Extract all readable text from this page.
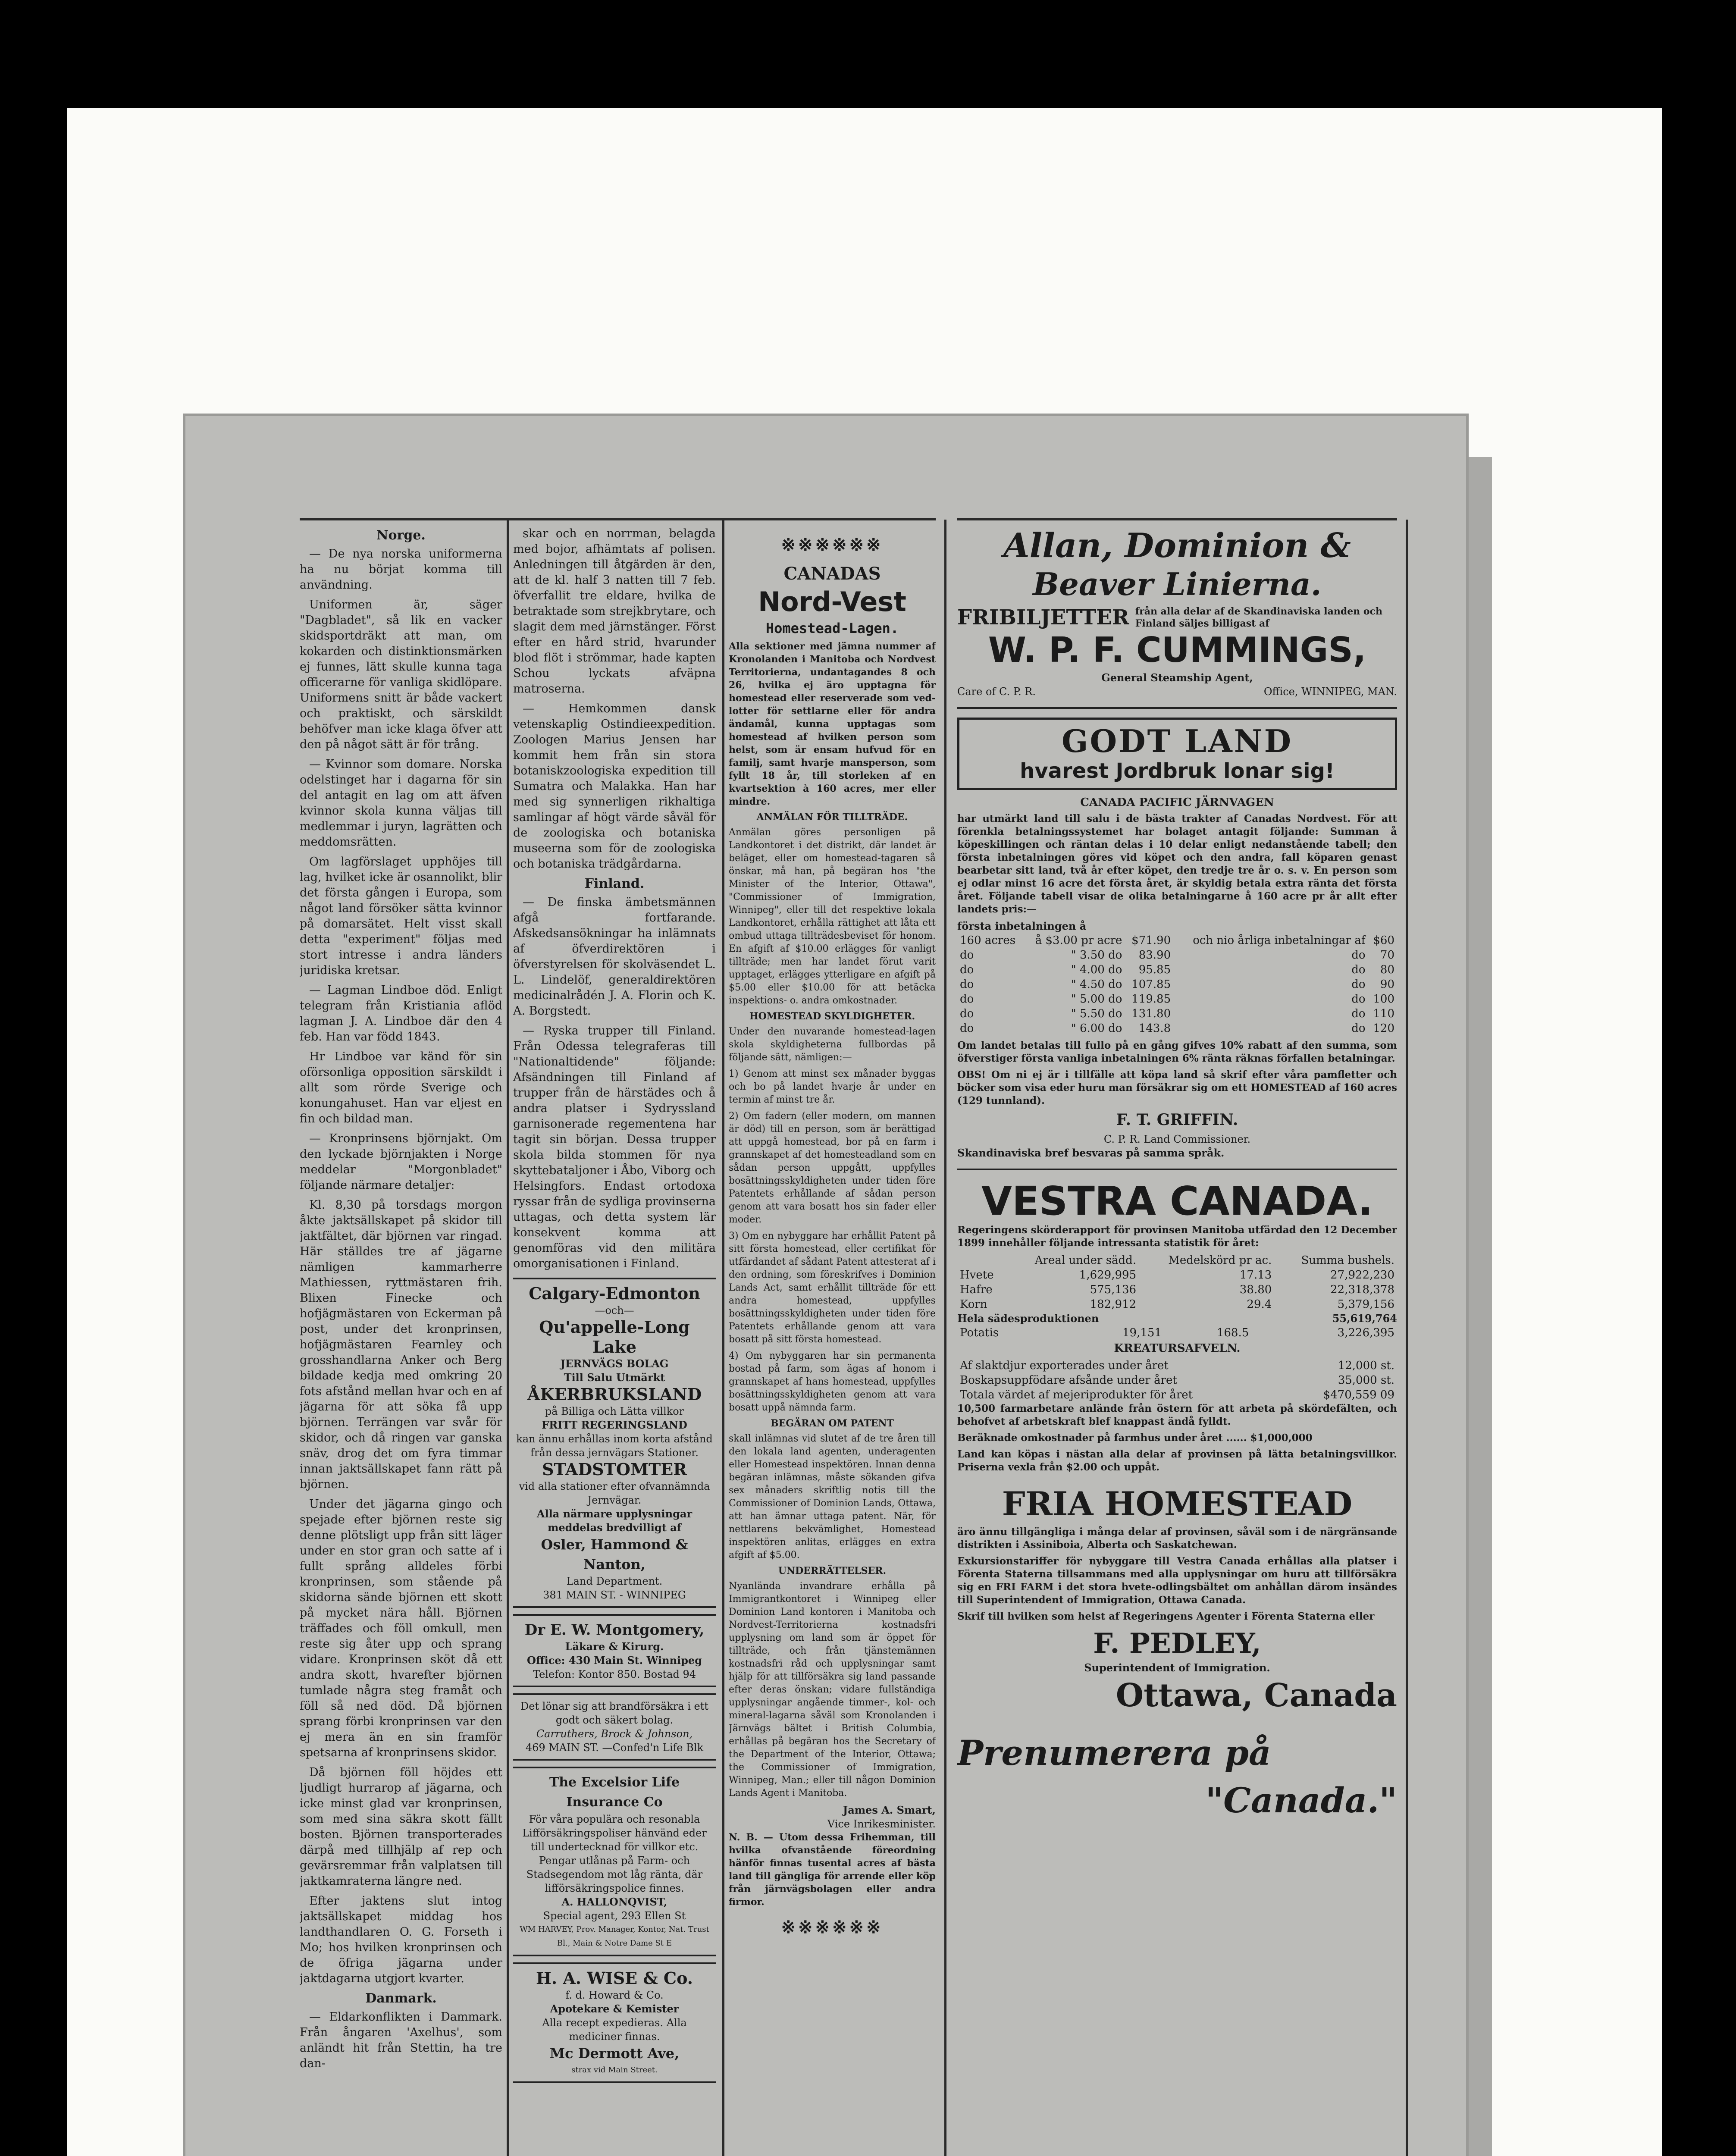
Norge.

— De nya norska uniformerna ha nu börjat komma till användning.

Uniformen är, säger "Dagbladet", så lik en vacker skidsportdräkt att man, om kokarden och distinktionsmärken ej funnes, lätt skulle kunna taga officerarne för vanliga skidlöpare. Uniformens snitt är både vackert och praktiskt, och särskildt behöfver man icke klaga öfver att den på något sätt är för trång.

— Kvinnor som domare. Norska odelstinget har i dagarna för sin del antagit en lag om att äfven kvinnor skola kunna väljas till medlemmar i juryn, lagrätten och meddomsrätten.

Om lagförslaget upphöjes till lag, hvilket icke är osannolikt, blir det första gången i Europa, som något land försöker sätta kvinnor på domarsätet. Helt visst skall detta "experiment" följas med stort intresse i andra länders juridiska kretsar.

— Lagman Lindboe död. Enligt telegram från Kristiania aflöd lagman J. A. Lindboe där den 4 feb. Han var född 1843.

Hr Lindboe var känd för sin oförsonliga opposition särskildt i allt som rörde Sverige och konungahuset. Han var eljest en fin och bildad man.

— Kronprinsens björnjakt. Om den lyckade björnjakten i Norge meddelar "Morgonbladet" följande närmare detaljer:

Kl. 8,30 på torsdags morgon åkte jaktsällskapet på skidor till jaktfältet, där björnen var ringad. Här ställdes tre af jägarne nämligen kammarherre Mathiessen, ryttmästaren frih. Blixen Finecke och hofjägmästaren von Eckerman på post, under det kronprinsen, hofjägmästaren Fearnley och grosshandlarna Anker och Berg bildade kedja med omkring 20 fots afstånd mellan hvar och en af jägarna för att söka få upp björnen. Terrängen var svår för skidor, och då ringen var ganska snäv, drog det om fyra timmar innan jaktsällskapet fann rätt på björnen.

Under det jägarna gingo och spejade efter björnen reste sig denne plötsligt upp från sitt läger under en stor gran och satte af i fullt språng alldeles förbi kronprinsen, som stående på skidorna sände björnen ett skott på mycket nära håll. Björnen träffades och föll omkull, men reste sig åter upp och sprang vidare. Kronprinsen sköt då ett andra skott, hvarefter björnen tumlade några steg framåt och föll så ned död. Då björnen sprang förbi kronprinsen var den ej mera än en sin framför spetsarna af kronprinsens skidor.

Då björnen föll höjdes ett ljudligt hurrarop af jägarna, och icke minst glad var kronprinsen, som med sina säkra skott fällt bosten. Björnen transporterades därpå med tillhjälp af rep och gevärsremmar från valplatsen till jaktkamraterna längre ned.

Efter jaktens slut intog jaktsällskapet middag hos landthandlaren O. G. Forseth i Mo; hos hvilken kronprinsen och de öfriga jägarna under jaktdagarna utgjort kvarter.

Danmark.

— Eldarkonflikten i Dammark. Från ångaren 'Axelhus', som anländt hit från Stettin, ha tre dan-

skar och en norrman, belagda med bojor, afhämtats af polisen. Anledningen till åtgärden är den, att de kl. half 3 natten till 7 feb. öfverfallit tre eldare, hvilka de betraktade som strejkbrytare, och slagit dem med järnstänger. Först efter en hård strid, hvarunder blod flöt i strömmar, hade kapten Schou lyckats afväpna matroserna.

— Hemkommen dansk vetenskaplig Ostindieexpedition. Zoologen Marius Jensen har kommit hem från sin stora botaniskzoologiska expedition till Sumatra och Malakka. Han har med sig synnerligen rikhaltiga samlingar af högt värde såväl för de zoologiska och botaniska museerna som för de zoologiska och botaniska trädgårdarna.

Finland.

— De finska ämbetsmännen afgå fortfarande. Afskedsansökningar ha inlämnats af öfverdirektören i öfverstyrelsen för skolväsendet L. L. Lindelöf, generaldirektören medicinalrådén J. A. Florin och K. A. Borgstedt.

— Ryska trupper till Finland. Från Odessa telegraferas till "Nationaltidende" följande: Afsändningen till Finland af trupper från de härstädes och å andra platser i Sydryssland garnisonerade regementena har tagit sin början. Dessa trupper skola bilda stommen för nya skyttebataljoner i Åbo, Viborg och Helsingfors. Endast ortodoxa ryssar från de sydliga provinserna uttagas, och detta system lär konsekvent komma att genomföras vid den militära omorganisationen i Finland.

Calgary-Edmonton
—och—
Qu'appelle-Long Lake
JERNVÄGS BOLAG
Till Salu Utmärkt
ÅKERBRUKSLAND
på Billiga och Lätta villkor
FRITT REGERINGSLAND
kan ännu erhållas inom korta afstånd från dessa jernvägars Stationer.
STADSTOMTER
vid alla stationer efter ofvannämnda Jernvägar.
Alla närmare upplysningar meddelas bredvilligt af
Osler, Hammond & Nanton,
Land Department.
381 MAIN ST. - WINNIPEG
Dr E. W. Montgomery,
Läkare & Kirurg.
Office: 430 Main St. Winnipeg
Telefon: Kontor 850. Bostad 94
Det lönar sig att brandförsäkra i ett godt och säkert bolag.
Carruthers, Brock & Johnson,
469 MAIN ST. —Confed'n Life Blk
The Excelsior Life Insurance Co
För våra populära och resonabla Lifförsäkringspoliser hänvänd eder till undertecknad för villkor etc.
Pengar utlånas på Farm- och Stadsegendom mot låg ränta, där lifförsäkringspolice finnes.
A. HALLONQVIST,
Special agent, 293 Ellen St
WM HARVEY, Prov. Manager, Kontor, Nat. Trust Bl., Main & Notre Dame St E
H. A. WISE & Co.
f. d. Howard & Co.
Apotekare & Kemister
Alla recept expedieras. Alla mediciner finnas.
Mc Dermott Ave,
strax vid Main Street.
※※※※※※
CANADAS
Nord-Vest
Homestead-Lagen.

Alla sektioner med jämna nummer af Kronolanden i Manitoba och Nordvest Territorierna, undantagandes 8 och 26, hvilka ej äro upptagna för homestead eller reserverade som ved-lotter för settlarne eller för andra ändamål, kunna upptagas som homestead af hvilken person som helst, som är ensam hufvud för en familj, samt hvarje mansperson, som fyllt 18 år, till storleken af en kvartsektion à 160 acres, mer eller mindre.

ANMÄLAN FÖR TILLTRÄDE.

Anmälan göres personligen på Landkontoret i det distrikt, där landet är beläget, eller om homestead-tagaren så önskar, må han, på begäran hos "the Minister of the Interior, Ottawa", "Commissioner of Immigration, Winnipeg", eller till det respektive lokala Landkontoret, erhålla rättighet att låta ett ombud uttaga tillträdesbeviset för honom. En afgift af $10.00 erlägges för vanligt tillträde; men har landet förut varit upptaget, erlägges ytterligare en afgift på $5.00 eller $10.00 för att betäcka inspektions- o. andra omkostnader.

HOMESTEAD SKYLDIGHETER.

Under den nuvarande homestead-lagen skola skyldigheterna fullbordas på följande sätt, nämligen:—

1) Genom att minst sex månader byggas och bo på landet hvarje år under en termin af minst tre år.

2) Om fadern (eller modern, om mannen är död) till en person, som är berättigad att uppgå homestead, bor på en farm i grannskapet af det homesteadland som en sådan person uppgått, uppfylles bosättningsskyldigheten under tiden före Patentets erhållande af sådan person genom att vara bosatt hos sin fader eller moder.

3) Om en nybyggare har erhållit Patent på sitt första homestead, eller certifikat för utfärdandet af sådant Patent attesterat af i den ordning, som föreskrifves i Dominion Lands Act, samt erhållit tillträde för ett andra homestead, uppfylles bosättningsskyldigheten under tiden före Patentets erhållande genom att vara bosatt på sitt första homestead.

4) Om nybyggaren har sin permanenta bostad på farm, som ägas af honom i grannskapet af hans homestead, uppfylles bosättningsskyldigheten genom att vara bosatt uppå nämnda farm.

BEGÄRAN OM PATENT

skall inlämnas vid slutet af de tre åren till den lokala land agenten, underagenten eller Homestead inspektören. Innan denna begäran inlämnas, måste sökanden gifva sex månaders skriftlig notis till the Commissioner of Dominion Lands, Ottawa, att han ämnar uttaga patent. När, för nettlarens bekvämlighet, Homestead inspektören anlitas, erlägges en extra afgift af $5.00.

UNDERRÄTTELSER.

Nyanlända invandrare erhålla på Immigrantkontoret i Winnipeg eller Dominion Land kontoren i Manitoba och Nordvest-Territorierna kostnadsfri upplysning om land som är öppet för tillträde, och från tjänstemännen kostnadsfri råd och upplysningar samt hjälp för att tillförsäkra sig land passande efter deras önskan; vidare fullständiga upplysningar angående timmer-, kol- och mineral-lagarna såväl som Kronolanden i Järnvägs bältet i British Columbia, erhållas på begäran hos the Secretary of the Department of the Interior, Ottawa; the Commissioner of Immigration, Winnipeg, Man.; eller till någon Dominion Lands Agent i Manitoba.

James A. Smart,
Vice Inrikesminister.

N. B. — Utom dessa Frihemman, till hvilka ofvanstående föreordning hänför finnas tusental acres af bästa land till gängliga för arrende eller köp från järnvägsbolagen eller andra firmor.

※※※※※※
Allan, Dominion &
Beaver Linierna.
FRIBILJETTER från alla delar af de Skandinaviska landen och Finland säljes billigast af
W. P. F. CUMMINGS,
General Steamship Agent,
Care of C. P. R.	Office, WINNIPEG, MAN.
GODT LAND
hvarest Jordbruk lonar sig!
CANADA PACIFIC JÄRNVAGEN

har utmärkt land till salu i de bästa trakter af Canadas Nordvest. För att förenkla betalningssystemet har bolaget antagit följande: Summan å köpeskillingen och räntan delas i 10 delar enligt nedanstående tabell; den första inbetalningen göres vid köpet och den andra, fall köparen genast bearbetar sitt land, två år efter köpet, den tredje tre år o. s. v. En person som ej odlar minst 16 acre det första året, är skyldig betala extra ränta det första året. Följande tabell visar de olika betalningarne å 160 acre pr år allt efter landets pris:—

första inbetalningen å
160 acres	å $3.00 pr acre	$71.90	och nio årliga inbetalningar af	$60
do	" 3.50 do	83.90	do	70
do	" 4.00 do	95.85	do	80
do	" 4.50 do	107.85	do	90
do	" 5.00 do	119.85	do	100
do	" 5.50 do	131.80	do	110
do	" 6.00 do	143.8	do	120

Om landet betalas till fullo på en gång gifves 10% rabatt af den summa, som öfverstiger första vanliga inbetalningen 6% ränta räknas förfallen betalningar.

OBS! Om ni ej är i tillfälle att köpa land så skrif efter våra pamfletter och böcker som visa eder huru man försäkrar sig om ett HOMESTEAD af 160 acres (129 tunnland).

F. T. GRIFFIN.
C. P. R. Land Commissioner.
Skandinaviska bref besvaras på samma språk.
VESTRA CANADA.

Regeringens skörderapport för provinsen Manitoba utfärdad den 12 December 1899 innehåller följande intressanta statistik för året:

	Areal under sädd.	Medelskörd pr ac.	Summa bushels.
Hvete	1,629,995	17.13	27,922,230
Hafre	575,136	38.80	22,318,378
Korn	182,912	29.4	5,379,156
Hela sädesproduktionen	55,619,764
Potatis	19,151	168.5	3,226,395
KREATURSAFVELN.
Af slaktdjur exporterades under året	12,000 st.
Boskapsuppfödare afsånde under året	35,000 st.
Totala värdet af mejeriprodukter för året	$470,559 09

10,500 farmarbetare anlände från östern för att arbeta på skördefälten, och behofvet af arbetskraft blef knappast ändå fylldt.

Beräknade omkostnader på farmhus under året ...... $1,000,000

Land kan köpas i nästan alla delar af provinsen på lätta betalningsvillkor. Priserna vexla från $2.00 och uppåt.

FRIA HOMESTEAD

äro ännu tillgängliga i många delar af provinsen, såväl som i de närgränsande distrikten i Assiniboia, Alberta och Saskatchewan.

Exkursionstariffer för nybyggare till Vestra Canada erhållas alla platser i Förenta Staterna tillsammans med alla upplysningar om huru att tillförsäkra sig en FRI FARM i det stora hvete-odlingsbältet om anhållan därom insändes till Superintendent of Immigration, Ottawa Canada.

Skrif till hvilken som helst af Regeringens Agenter i Förenta Staterna eller

F. PEDLEY,
Superintendent of Immigration.
Ottawa, Canada
Prenumerera på
"Canada."
